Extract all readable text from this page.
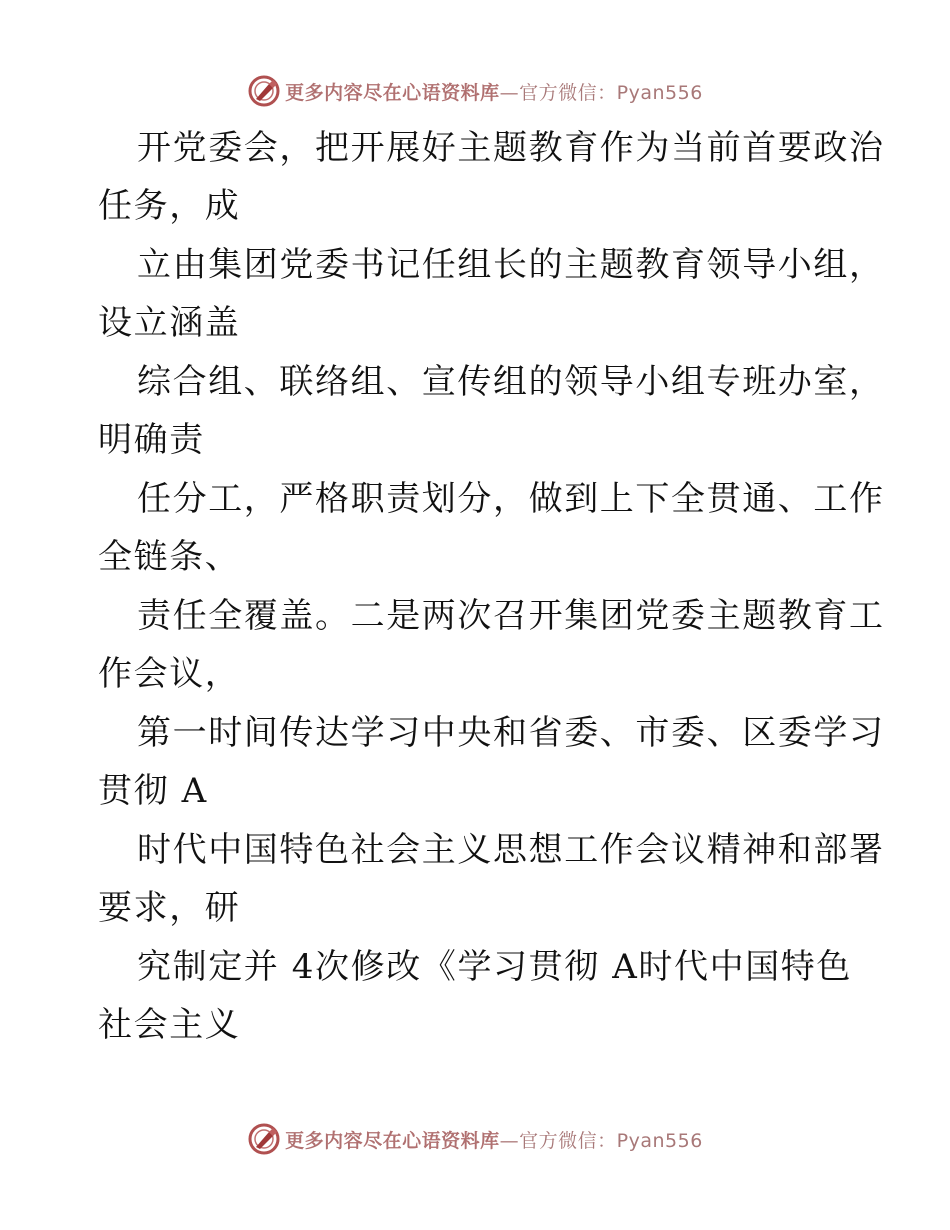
更多内容尽在心语资料库—官方微信：Pyan556
开党委会，把开展好主题教育作为当前首要政治
任务，成
立由集团党委书记任组长的主题教育领导小组，
设立涵盖
综合组、联络组、宣传组的领导小组专班办室，
明确责
任分工，严格职责划分，做到上下全贯通、工作
全链条、
责任全覆盖。二是两次召开集团党委主题教育工
作会议，
第一时间传达学习中央和省委、市委、区委学习
贯彻 A
时代中国特色社会主义思想工作会议精神和部署
要求，研
究制定并 4次修改《学习贯彻 A时代中国特色
社会主义
更多内容尽在心语资料库—官方微信：Pyan556
